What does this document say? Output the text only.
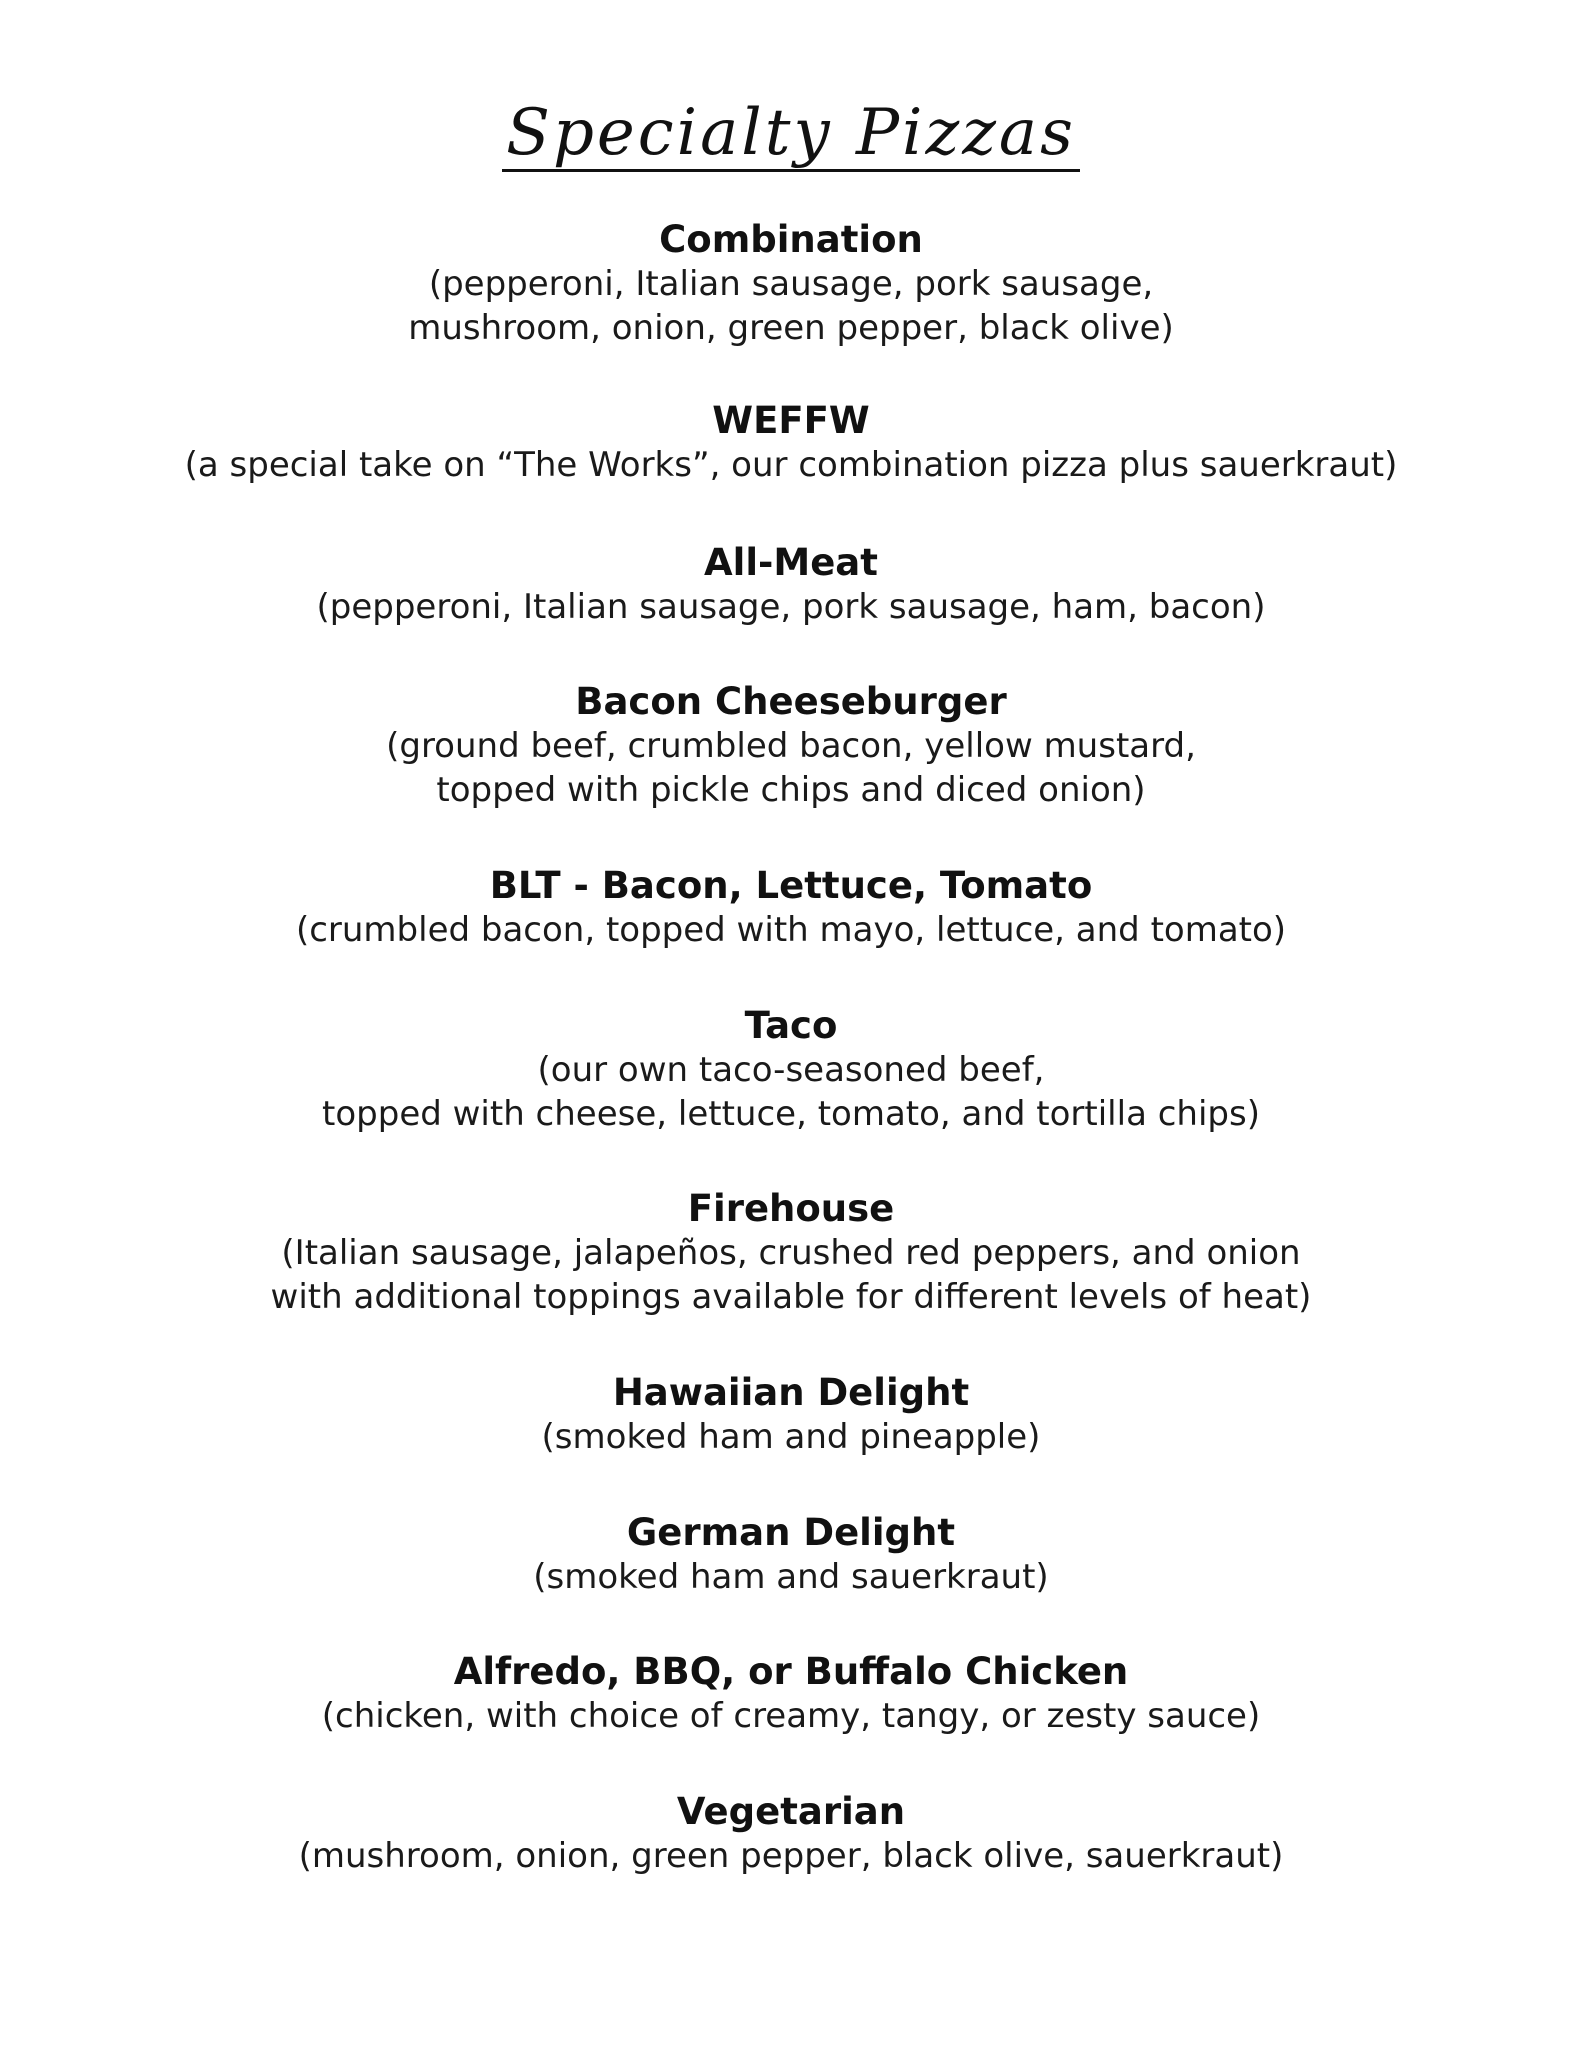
Specialty Pizzas
Combination
(pepperoni, Italian sausage, pork sausage,
mushroom, onion, green pepper, black olive)
WEFFW
(a special take on “The Works”, our combination pizza plus sauerkraut)
All-Meat
(pepperoni, Italian sausage, pork sausage, ham, bacon)
Bacon Cheeseburger
(ground beef, crumbled bacon, yellow mustard,
topped with pickle chips and diced onion)
BLT - Bacon, Lettuce, Tomato
(crumbled bacon, topped with mayo, lettuce, and tomato)
Taco
(our own taco-seasoned beef,
topped with cheese, lettuce, tomato, and tortilla chips)
Firehouse
(Italian sausage, jalapeños, crushed red peppers, and onion
with additional toppings available for different levels of heat)
Hawaiian Delight
(smoked ham and pineapple)
German Delight
(smoked ham and sauerkraut)
Alfredo, BBQ, or Buffalo Chicken
(chicken, with choice of creamy, tangy, or zesty sauce)
Vegetarian
(mushroom, onion, green pepper, black olive, sauerkraut)
